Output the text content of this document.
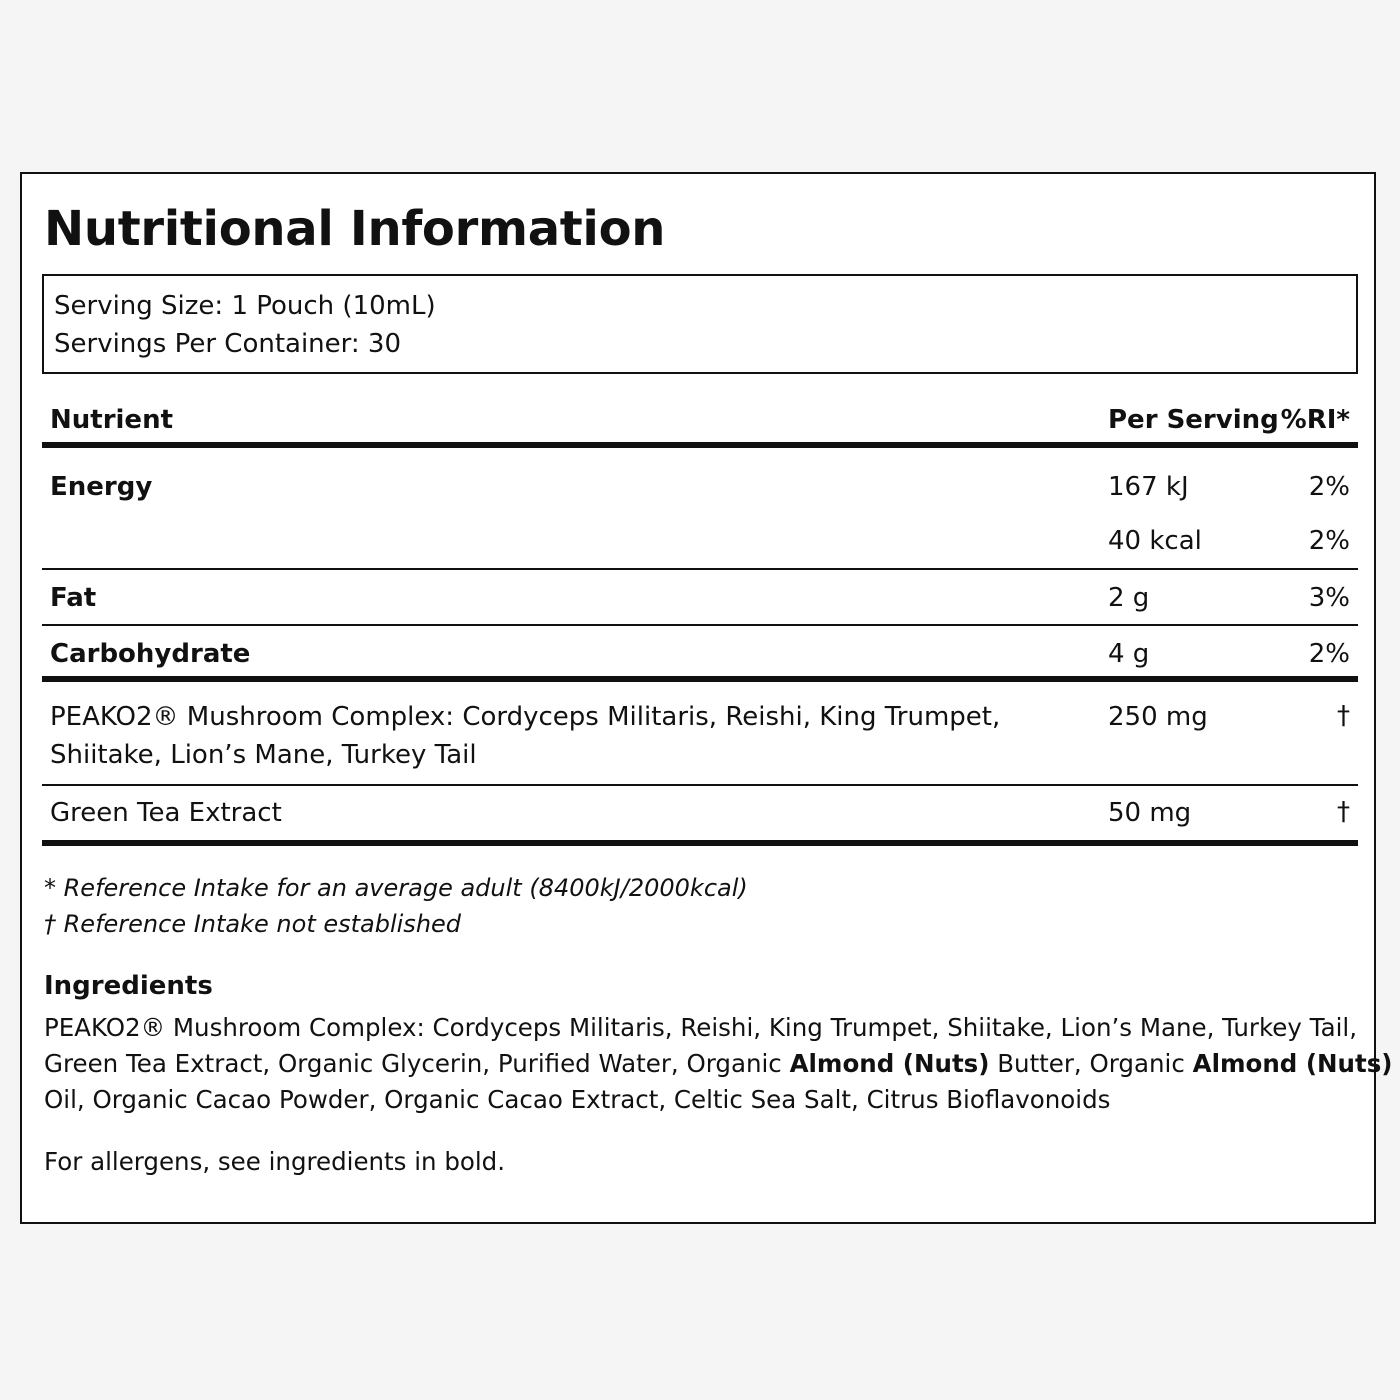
Nutritional Information
Serving Size: 1 Pouch (10mL)
Servings Per Container: 30
Nutrient	Per Serving %RI*
Energy	167 kJ	2%
40 kcal	2%
Fat	2 g	3%
Carbohydrate	4 g	2%
PEAKO2® Mushroom Complex: Cordyceps Militaris, Reishi, King Trumpet,
Shiitake, Lion’s Mane, Turkey Tail
250 mg	†
Green Tea Extract	50 mg	†
* Reference Intake for an average adult (8400kJ/2000kcal)
† Reference Intake not established
Ingredients

PEAKO2® Mushroom Complex: Cordyceps Militaris, Reishi, King Trumpet, Shiitake, Lion’s Mane, Turkey Tail,
Green Tea Extract, Organic Glycerin, Purified Water, Organic Almond (Nuts) Butter, Organic Almond (Nuts)
Oil, Organic Cacao Powder, Organic Cacao Extract, Celtic Sea Salt, Citrus Bioflavonoids

For allergens, see ingredients in bold.
